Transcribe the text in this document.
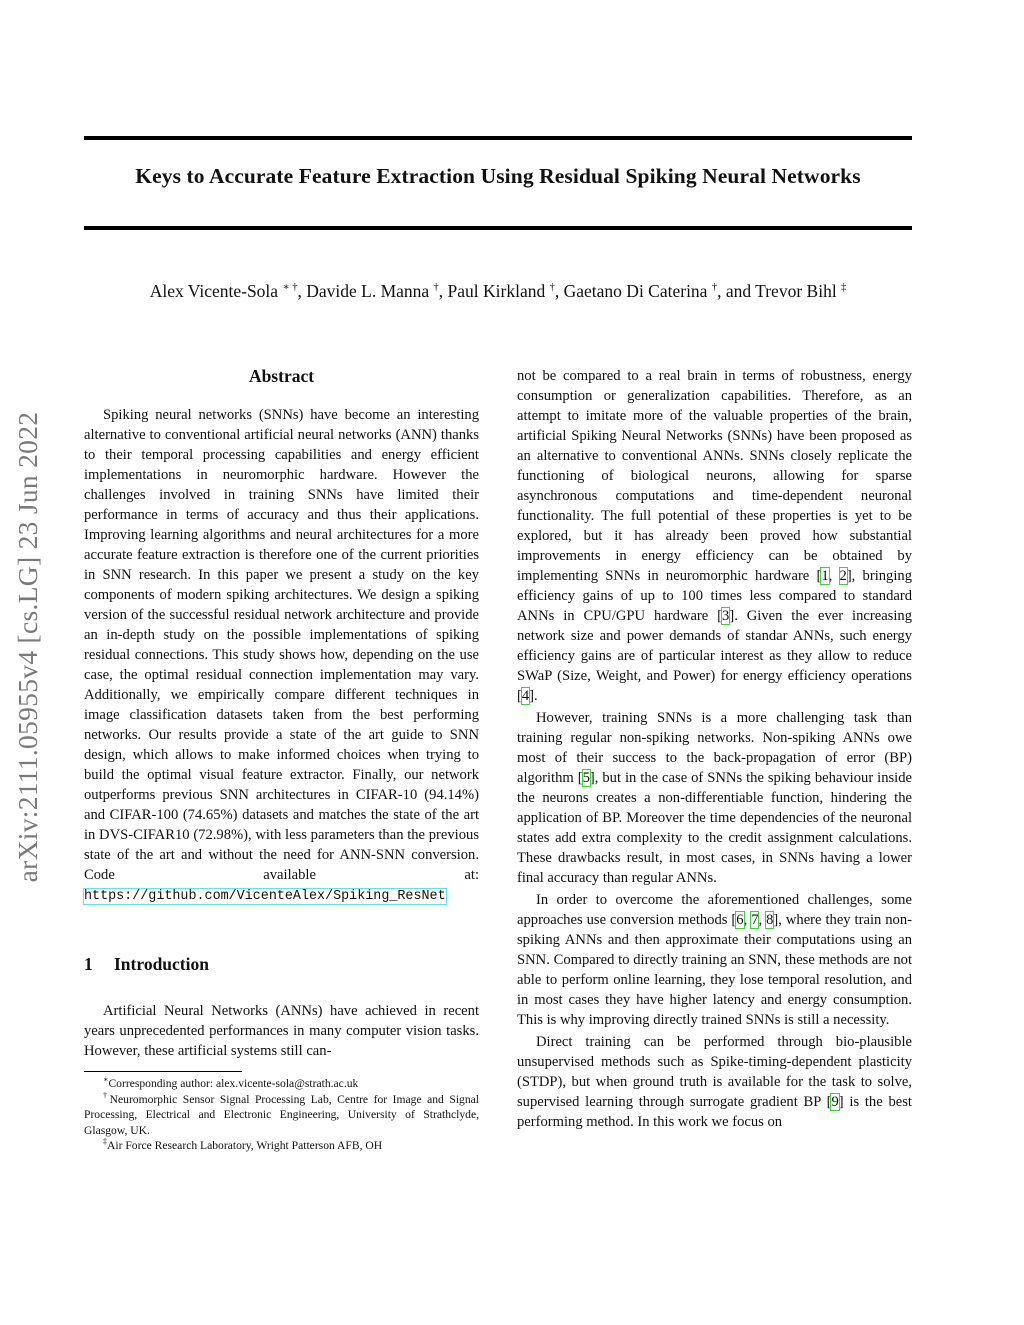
Keys to Accurate Feature Extraction Using Residual Spiking Neural Networks
Alex Vicente-Sola ∗ †, Davide L. Manna †, Paul Kirkland †, Gaetano Di Caterina †, and Trevor Bihl ‡
arXiv:2111.05955v4 [cs.LG] 23 Jun 2022
Abstract

Spiking neural networks (SNNs) have become an interesting alternative to conventional artificial neural networks (ANN) thanks to their temporal processing capabilities and energy efficient implementations in neuromorphic hardware. However the challenges involved in training SNNs have limited their performance in terms of accuracy and thus their applications. Improving learning algorithms and neural architectures for a more accurate feature extraction is therefore one of the current priorities in SNN research. In this paper we present a study on the key components of modern spiking architectures. We design a spiking version of the successful residual network architecture and provide an in-depth study on the possible implementations of spiking residual connections. This study shows how, depending on the use case, the optimal residual connection implementation may vary. Additionally, we empirically compare different techniques in image classification datasets taken from the best performing networks. Our results provide a state of the art guide to SNN design, which allows to make informed choices when trying to build the optimal visual feature extractor. Finally, our network outperforms previous SNN architectures in CIFAR-10 (94.14%) and CIFAR-100 (74.65%) datasets and matches the state of the art in DVS-CIFAR10 (72.98%), with less parameters than the previous state of the art and without the need for ANN-SNN conversion. Code available at: https://github.com/VicenteAlex/Spiking_ResNet

1 Introduction

Artificial Neural Networks (ANNs) have achieved in recent years unprecedented performances in many computer vision tasks. However, these artificial systems still can-

∗Corresponding author: alex.vicente-sola@strath.ac.uk

†Neuromorphic Sensor Signal Processing Lab, Centre for Image and Signal Processing, Electrical and Electronic Engineering, University of Strathclyde, Glasgow, UK.

‡Air Force Research Laboratory, Wright Patterson AFB, OH

not be compared to a real brain in terms of robustness, energy consumption or generalization capabilities. Therefore, as an attempt to imitate more of the valuable properties of the brain, artificial Spiking Neural Networks (SNNs) have been proposed as an alternative to conventional ANNs. SNNs closely replicate the functioning of biological neurons, allowing for sparse asynchronous computations and time-dependent neuronal functionality. The full potential of these properties is yet to be explored, but it has already been proved how substantial improvements in energy efficiency can be obtained by implementing SNNs in neuromorphic hardware [1, 2], bringing efficiency gains of up to 100 times less compared to standard ANNs in CPU/GPU hardware [3]. Given the ever increasing network size and power demands of standar ANNs, such energy efficiency gains are of particular interest as they allow to reduce SWaP (Size, Weight, and Power) for energy efficiency operations [4].

However, training SNNs is a more challenging task than training regular non-spiking networks. Non-spiking ANNs owe most of their success to the back-propagation of error (BP) algorithm [5], but in the case of SNNs the spiking behaviour inside the neurons creates a non-differentiable function, hindering the application of BP. Moreover the time dependencies of the neuronal states add extra complexity to the credit assignment calculations. These drawbacks result, in most cases, in SNNs having a lower final accuracy than regular ANNs.

In order to overcome the aforementioned challenges, some approaches use conversion methods [6, 7, 8], where they train non-spiking ANNs and then approximate their computations using an SNN. Compared to directly training an SNN, these methods are not able to perform online learning, they lose temporal resolution, and in most cases they have higher latency and energy consumption. This is why improving directly trained SNNs is still a necessity.

Direct training can be performed through bio-plausible unsupervised methods such as Spike-timing-dependent plasticity (STDP), but when ground truth is available for the task to solve, supervised learning through surrogate gradient BP [9] is the best performing method. In this work we focus on
